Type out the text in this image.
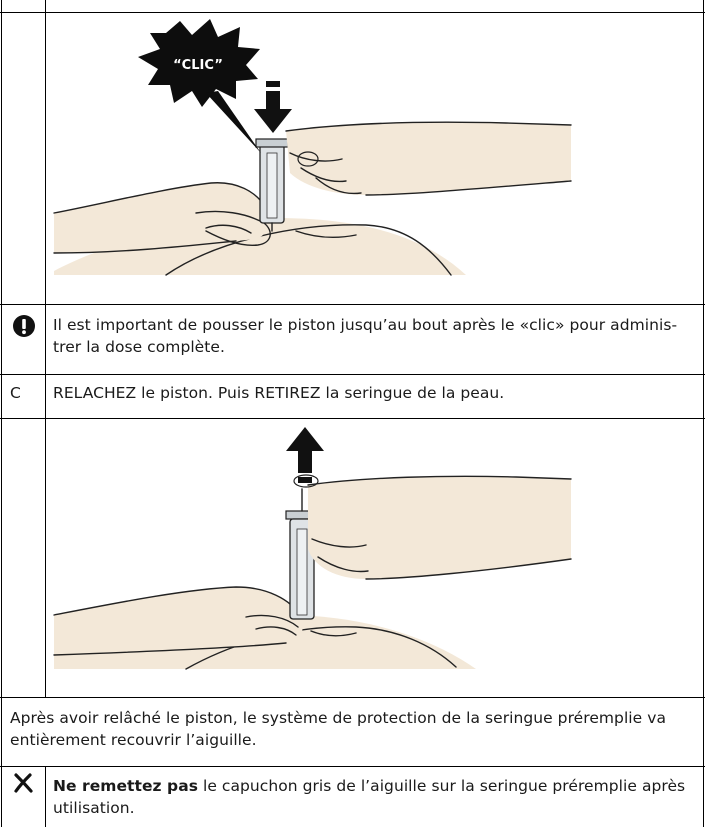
“CLIC”
Il est important de pousser le piston jusqu’au bout après le «clic» pour adminis-trer la dose complète.
C RELACHEZ le piston. Puis RETIREZ la seringue de la peau.
Après avoir relâché le piston, le système de protection de la seringue préremplie va entièrement recouvrir l’aiguille.
Ne remettez pas le capuchon gris de l’aiguille sur la seringue préremplie après utilisation.
